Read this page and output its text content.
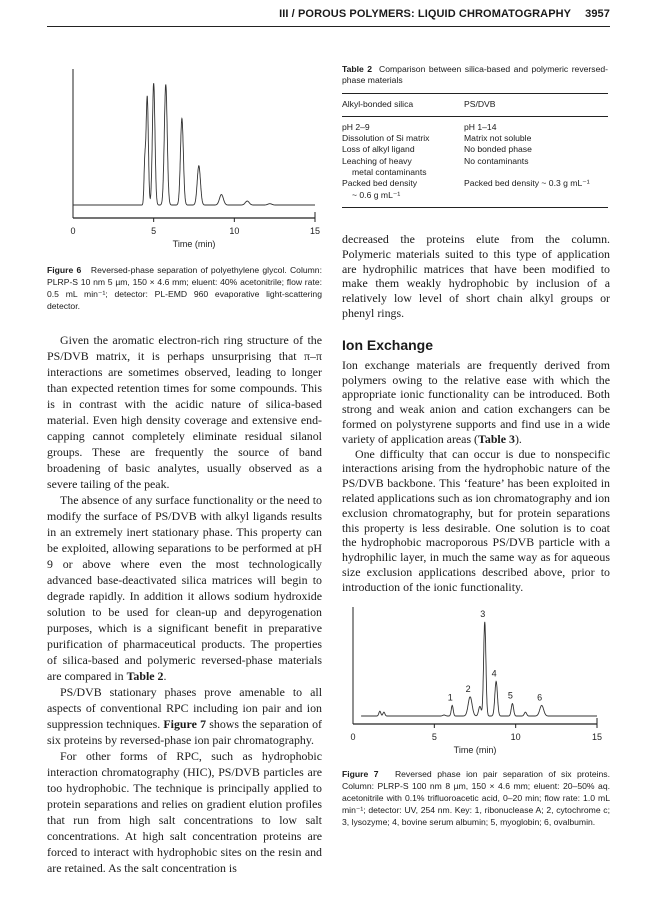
III / POROUS POLYMERS: LIQUID CHROMATOGRAPHY 3957
0	5	10	15
Time (min)
0	5	10	15
Time (min)
1
2
3
4
5	6
Figure 6 Reversed-phase separation of polyethylene glycol. Column: PLRP-S 10 nm 5 µm, 150 × 4.6 mm; eluent: 40% acetonitrile; flow rate: 0.5 mL min⁻¹; detector: PL-EMD 960 evaporative light-scattering detector.
Table 2 Comparison between silica-based and polymeric reversed-phase materials
Alkyl-bonded silica	PS/DVB
pH 2–9	pH 1–14
Dissolution of Si matrix	Matrix not soluble
Loss of alkyl ligand	No bonded phase
Leaching of heavy	No contaminants
metal contaminants
Packed bed density	Packed bed density ~ 0.3 g mL⁻¹
~ 0.6 g mL⁻¹

Given the aromatic electron-rich ring structure of the PS/DVB matrix, it is perhaps unsurprising that π–π interactions are sometimes observed, leading to longer than expected retention times for some compounds. This is in contrast with the acidic nature of silica-based material. Even high density coverage and extensive end-capping cannot completely eliminate residual silanol groups. These are frequently the source of band broadening of basic analytes, usually observed as a severe tailing of the peak.

The absence of any surface functionality or the need to modify the surface of PS/DVB with alkyl ligands results in an extremely inert stationary phase. This property can be exploited, allowing separations to be performed at pH 9 or above where even the most technologically advanced base-deactivated silica matrices will begin to degrade rapidly. In addition it allows sodium hydroxide solution to be used for clean-up and depyrogenation purposes, which is a significant benefit in preparative purification of pharmaceutical products. The properties of silica-based and polymeric reversed-phase materials are compared in Table 2.

PS/DVB stationary phases prove amenable to all aspects of conventional RPC including ion pair and ion suppression techniques. Figure 7 shows the separation of six proteins by reversed-phase ion pair chromatography.

For other forms of RPC, such as hydrophobic interaction chromatography (HIC), PS/DVB particles are too hydrophobic. The technique is principally applied to protein separations and relies on gradient elution profiles that run from high salt concentrations to low salt concentrations. At high salt concentration proteins are forced to interact with hydrophobic sites on the resin and are retained. As the salt concentration is

decreased the proteins elute from the column. Polymeric materials suited to this type of application are hydrophilic matrices that have been modified to make them weakly hydrophobic by inclusion of a relatively low level of short chain alkyl groups or phenyl rings.

Ion Exchange

Ion exchange materials are frequently derived from polymers owing to the relative ease with which the appropriate ionic functionality can be introduced. Both strong and weak anion and cation exchangers can be formed on polystyrene supports and find use in a wide variety of application areas (Table 3).

One difficulty that can occur is due to nonspecific interactions arising from the hydrophobic nature of the PS/DVB backbone. This ‘feature’ has been exploited in related applications such as ion chromatography and ion exclusion chromatography, but for protein separations this property is less desirable. One solution is to coat the hydrophobic macroporous PS/DVB particle with a hydrophilic layer, in much the same way as for aqueous size exclusion applications described above, prior to introduction of the ionic functionality.

Figure 7 Reversed phase ion pair separation of six proteins. Column: PLRP-S 100 nm 8 µm, 150 × 4.6 mm; eluent: 20–50% aq. acetonitrile with 0.1% trifluoroacetic acid, 0–20 min; flow rate: 1.0 mL min⁻¹; detector: UV, 254 nm. Key: 1, ribonuclease A; 2, cytochrome c; 3, lysozyme; 4, bovine serum albumin; 5, myoglobin; 6, ovalbumin.
